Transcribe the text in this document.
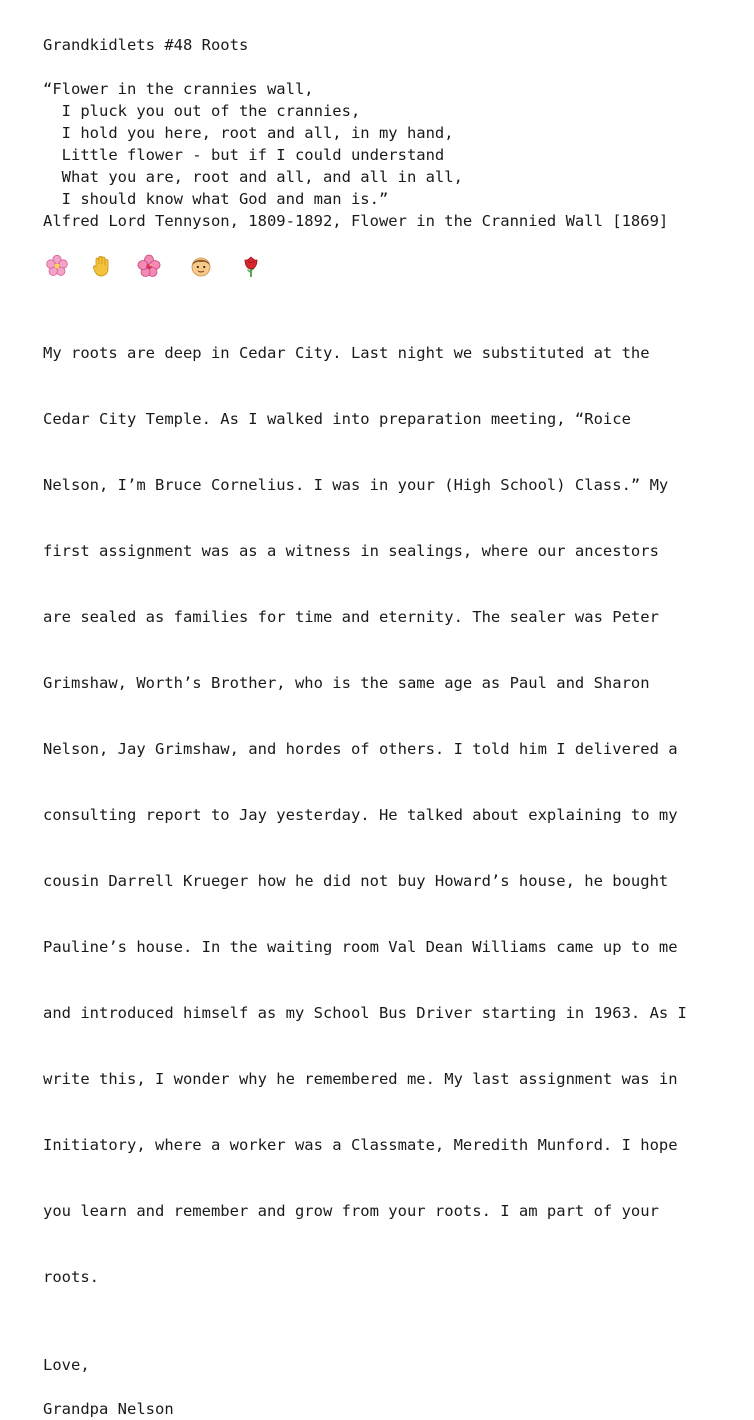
Grandkidlets #48 Roots
“Flower in the crannies wall,
I pluck you out of the crannies,
I hold you here, root and all, in my hand,
Little flower - but if I could understand
What you are, root and all, and all in all,
I should know what God and man is.”
Alfred Lord Tennyson, 1809-1892, Flower in the Crannied Wall [1869]

My roots are deep in Cedar City. Last night we substituted at the

Cedar City Temple. As I walked into preparation meeting, “Roice

Nelson, I’m Bruce Cornelius. I was in your (High School) Class.” My

first assignment was as a witness in sealings, where our ancestors

are sealed as families for time and eternity. The sealer was Peter

Grimshaw, Worth’s Brother, who is the same age as Paul and Sharon

Nelson, Jay Grimshaw, and hordes of others. I told him I delivered a

consulting report to Jay yesterday. He talked about explaining to my

cousin Darrell Krueger how he did not buy Howard’s house, he bought

Pauline’s house. In the waiting room Val Dean Williams came up to me

and introduced himself as my School Bus Driver starting in 1963. As I

write this, I wonder why he remembered me. My last assignment was in

Initiatory, where a worker was a Classmate, Meredith Munford. I hope

you learn and remember and grow from your roots. I am part of your

roots.

Love,
Grandpa Nelson
